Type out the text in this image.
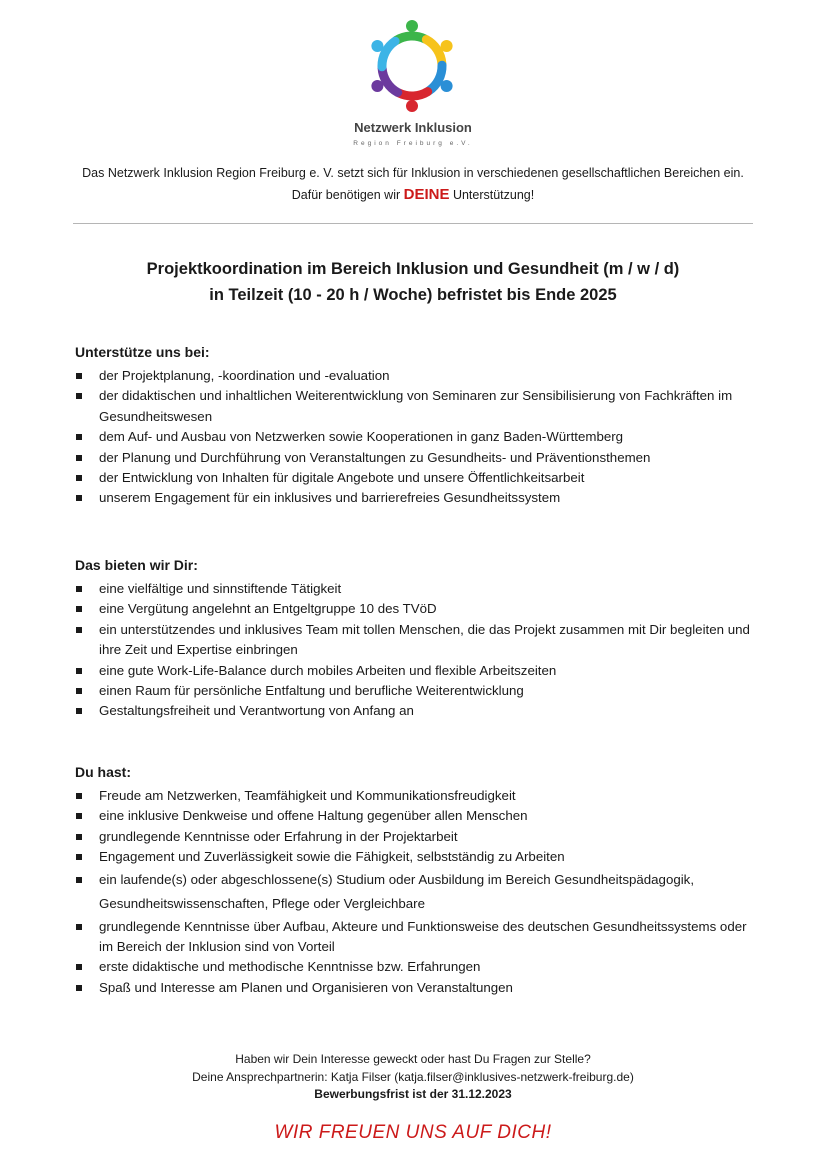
Netzwerk Inklusion
Region Freiburg e.V.
Das Netzwerk Inklusion Region Freiburg e. V. setzt sich für Inklusion in verschiedenen gesellschaftlichen Bereichen ein. Dafür benötigen wir DEINE Unterstützung!
Projektkoordination im Bereich Inklusion und Gesundheit (m / w / d)
in Teilzeit (10 - 20 h / Woche) befristet bis Ende 2025
Unterstütze uns bei:
der Projektplanung, -koordination und -evaluation
der didaktischen und inhaltlichen Weiterentwicklung von Seminaren zur Sensibilisierung von Fachkräften im Gesundheitswesen
dem Auf- und Ausbau von Netzwerken sowie Kooperationen in ganz Baden-Württemberg
der Planung und Durchführung von Veranstaltungen zu Gesundheits- und Präventionsthemen
der Entwicklung von Inhalten für digitale Angebote und unsere Öffentlichkeitsarbeit
unserem Engagement für ein inklusives und barrierefreies Gesundheitssystem
Das bieten wir Dir:
eine vielfältige und sinnstiftende Tätigkeit
eine Vergütung angelehnt an Entgeltgruppe 10 des TVöD
ein unterstützendes und inklusives Team mit tollen Menschen, die das Projekt zusammen mit Dir begleiten und ihre Zeit und Expertise einbringen
eine gute Work-Life-Balance durch mobiles Arbeiten und flexible Arbeitszeiten
einen Raum für persönliche Entfaltung und berufliche Weiterentwicklung
Gestaltungsfreiheit und Verantwortung von Anfang an
Du hast:
Freude am Netzwerken, Teamfähigkeit und Kommunikationsfreudigkeit
eine inklusive Denkweise und offene Haltung gegenüber allen Menschen
grundlegende Kenntnisse oder Erfahrung in der Projektarbeit
Engagement und Zuverlässigkeit sowie die Fähigkeit, selbstständig zu Arbeiten
ein laufende(s) oder abgeschlossene(s) Studium oder Ausbildung im Bereich Gesundheitspädagogik, Gesundheitswissenschaften, Pflege oder Vergleichbare
grundlegende Kenntnisse über Aufbau, Akteure und Funktionsweise des deutschen Gesundheitssystems oder im Bereich der Inklusion sind von Vorteil
erste didaktische und methodische Kenntnisse bzw. Erfahrungen
Spaß und Interesse am Planen und Organisieren von Veranstaltungen
Haben wir Dein Interesse geweckt oder hast Du Fragen zur Stelle?
Deine Ansprechpartnerin: Katja Filser (katja.filser@inklusives-netzwerk-freiburg.de)
Bewerbungsfrist ist der 31.12.2023
WIR FREUEN UNS AUF DICH!
